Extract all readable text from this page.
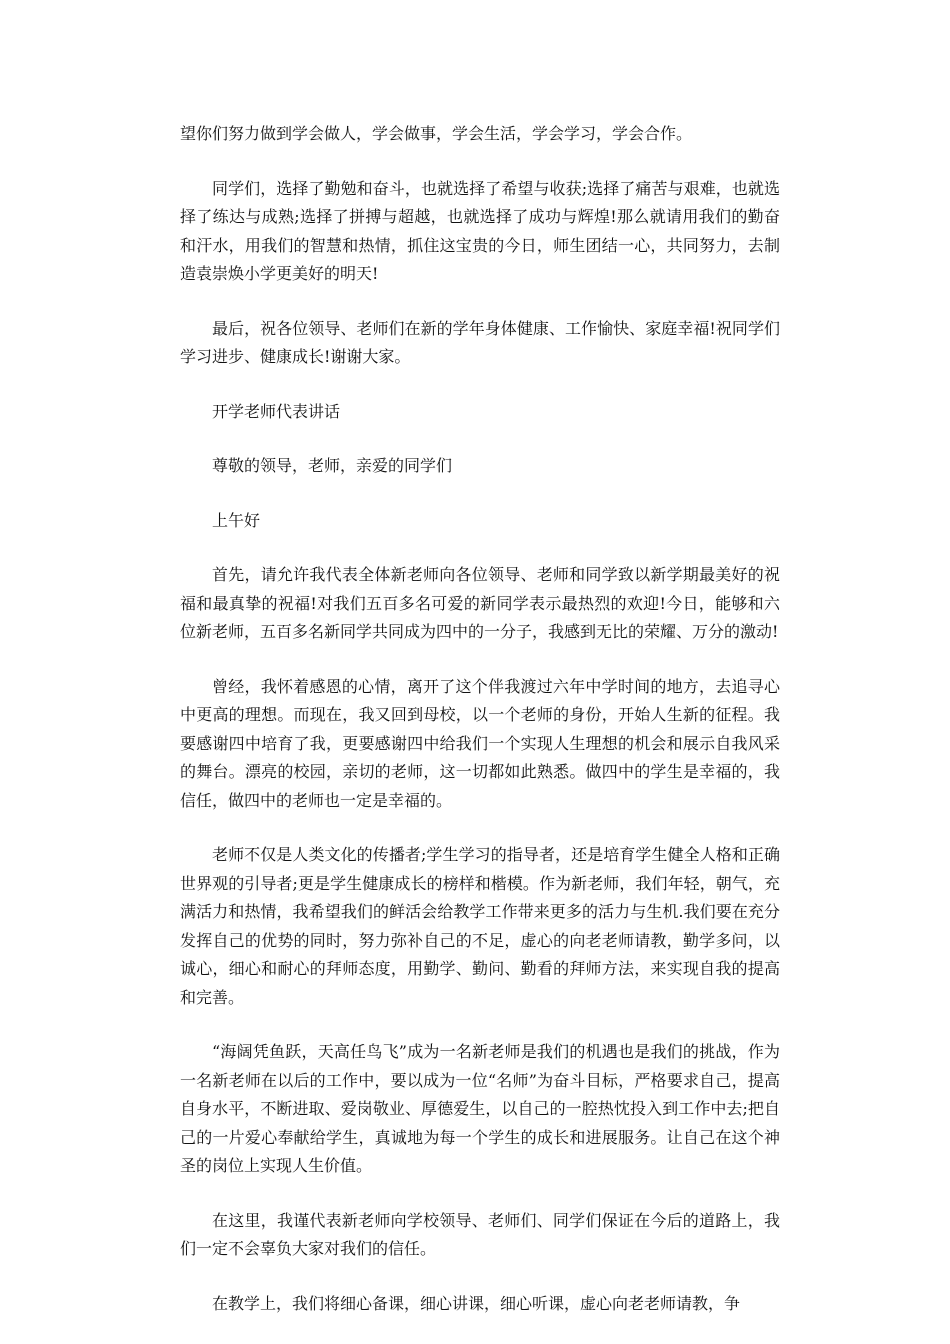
望你们努力做到学会做人，学会做事，学会生活，学会学习，学会合作。

同学们，选择了勤勉和奋斗，也就选择了希望与收获;选择了痛苦与艰难，也就选择了练达与成熟;选择了拼搏与超越，也就选择了成功与辉煌!那么就请用我们的勤奋和汗水，用我们的智慧和热情，抓住这宝贵的今日，师生团结一心，共同努力，去制造袁崇焕小学更美好的明天!

最后，祝各位领导、老师们在新的学年身体健康、工作愉快、家庭幸福!祝同学们学习进步、健康成长!谢谢大家。

开学老师代表讲话

尊敬的领导，老师，亲爱的同学们

上午好

首先，请允许我代表全体新老师向各位领导、老师和同学致以新学期最美好的祝福和最真挚的祝福!对我们五百多名可爱的新同学表示最热烈的欢迎!今日，能够和六位新老师，五百多名新同学共同成为四中的一分子，我感到无比的荣耀、万分的激动!

曾经，我怀着感恩的心情，离开了这个伴我渡过六年中学时间的地方，去追寻心中更高的理想。而现在，我又回到母校，以一个老师的身份，开始人生新的征程。我要感谢四中培育了我，更要感谢四中给我们一个实现人生理想的机会和展示自我风采的舞台。漂亮的校园，亲切的老师，这一切都如此熟悉。做四中的学生是幸福的，我信任，做四中的老师也一定是幸福的。

老师不仅是人类文化的传播者;学生学习的指导者，还是培育学生健全人格和正确世界观的引导者;更是学生健康成长的榜样和楷模。作为新老师，我们年轻，朝气，充满活力和热情，我希望我们的鲜活会给教学工作带来更多的活力与生机.我们要在充分发挥自己的优势的同时，努力弥补自己的不足，虚心的向老老师请教，勤学多问，以诚心，细心和耐心的拜师态度，用勤学、勤问、勤看的拜师方法，来实现自我的提高和完善。

“海阔凭鱼跃，天高任鸟飞”成为一名新老师是我们的机遇也是我们的挑战，作为一名新老师在以后的工作中，要以成为一位“名师”为奋斗目标，严格要求自己，提高自身水平，不断进取、爱岗敬业、厚德爱生，以自己的一腔热忱投入到工作中去;把自己的一片爱心奉献给学生，真诚地为每一个学生的成长和进展服务。让自己在这个神圣的岗位上实现人生价值。

在这里，我谨代表新老师向学校领导、老师们、同学们保证在今后的道路上，我们一定不会辜负大家对我们的信任。

在教学上，我们将细心备课，细心讲课，细心听课，虚心向老老师请教，争
